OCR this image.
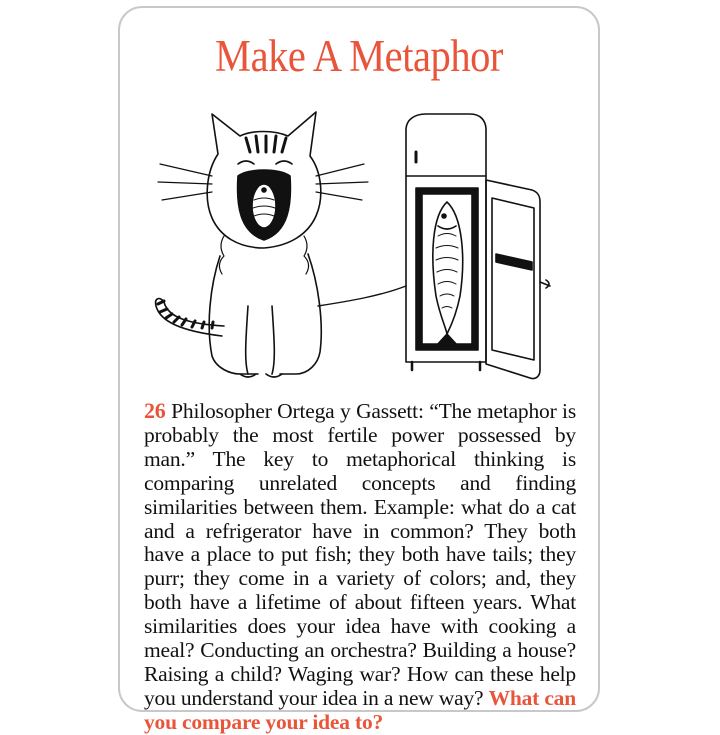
Make A Metaphor
26 Philosopher Ortega y Gassett: “The metaphor is probably the most fertile power possessed by man.” The key to metaphorical thinking is comparing unrelated concepts and finding similarities between them. Example: what do a cat and a refrigerator have in common? They both have a place to put fish; they both have tails; they purr; they come in a variety of colors; and, they both have a lifetime of about fifteen years. What similarities does your idea have with cooking a meal? Conducting an orchestra? Building a house? Raising a child? Waging war? How can these help you understand your idea in a new way? What can you compare your idea to?
